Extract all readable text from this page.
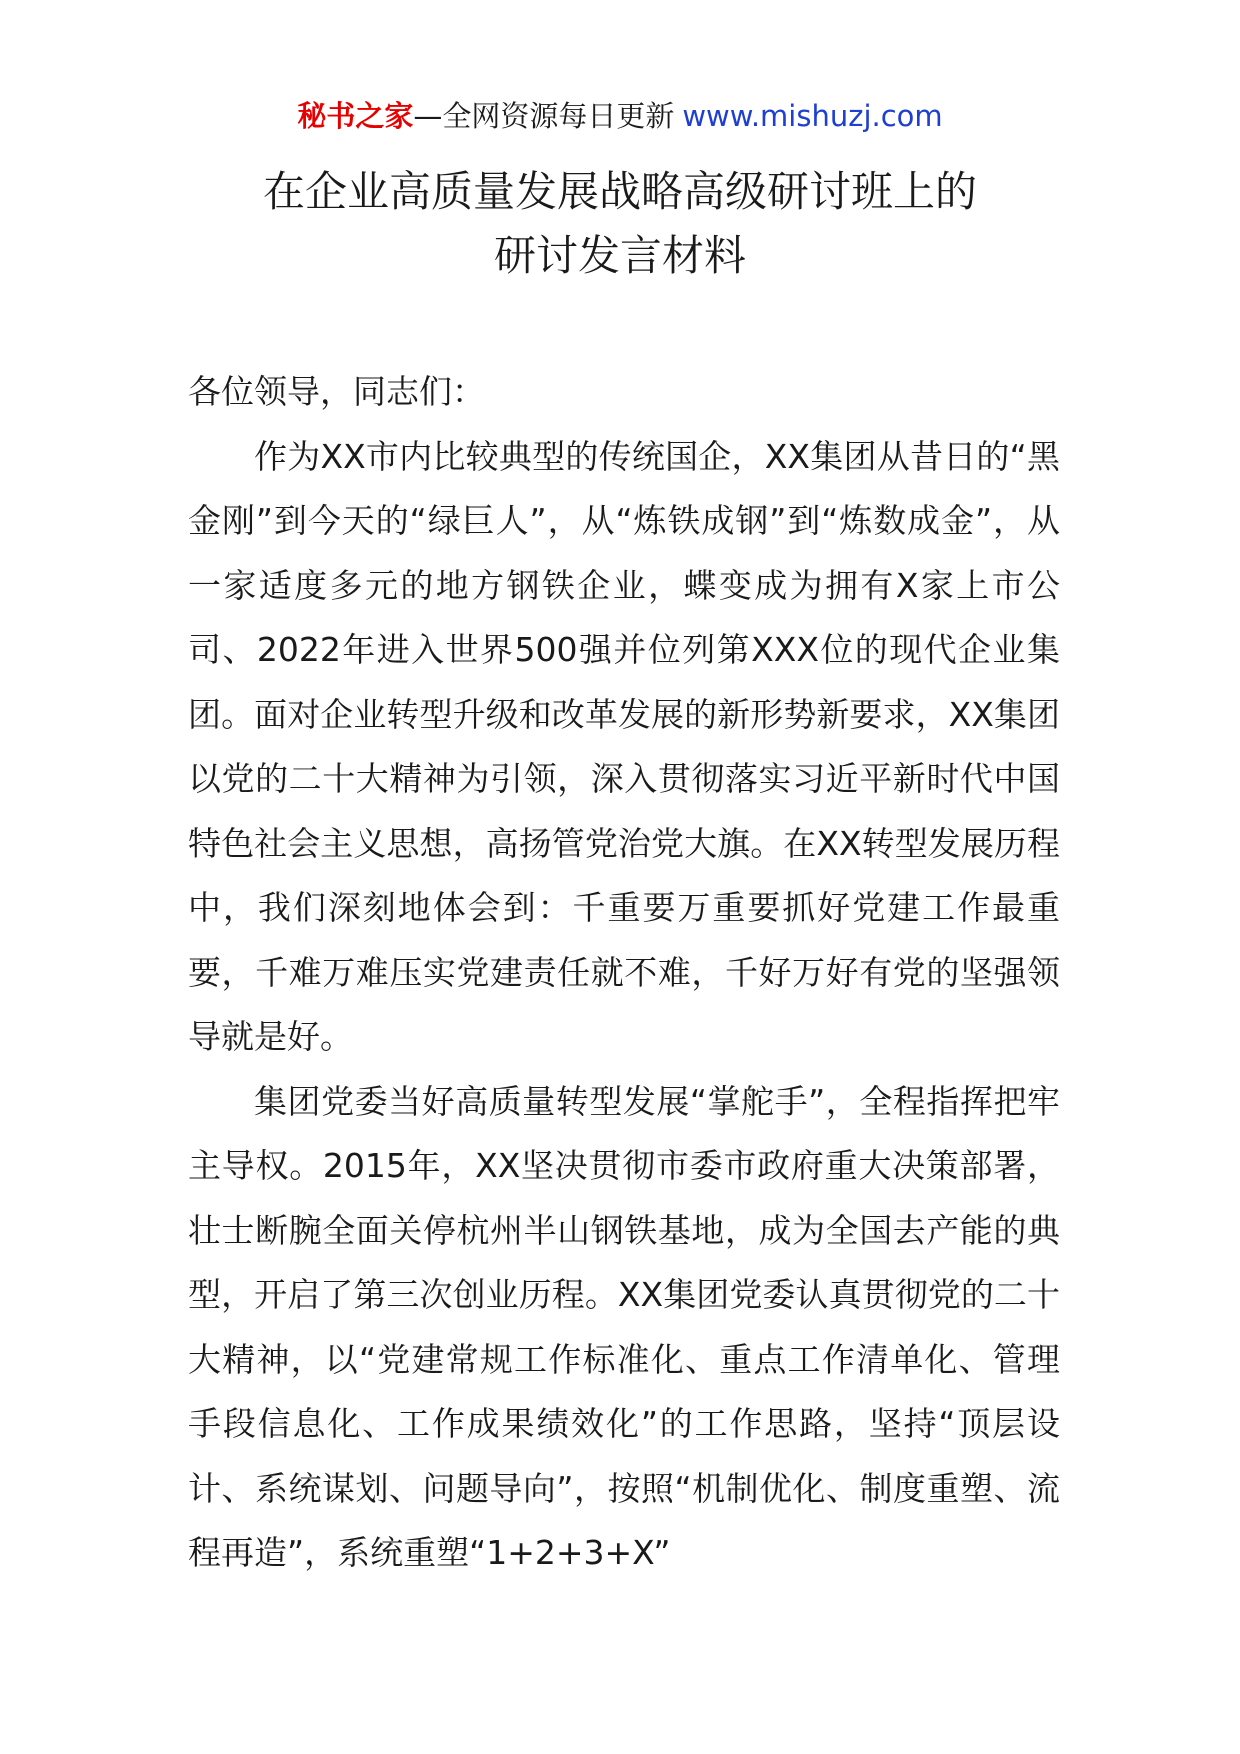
秘书之家—全网资源每日更新 www.mishuzj.com
在企业高质量发展战略高级研讨班上的
研讨发言材料

各位领导，同志们：

作为XX市内比较典型的传统国企，XX集团从昔日的“黑金刚”到今天的“绿巨人”，从“炼铁成钢”到“炼数成金”，从一家适度多元的地方钢铁企业，蝶变成为拥有X家上市公司、2022年进入世界500强并位列第XXX位的现代企业集团。面对企业转型升级和改革发展的新形势新要求，XX集团以党的二十大精神为引领，深入贯彻落实习近平新时代中国特色社会主义思想，高扬管党治党大旗。在XX转型发展历程中，我们深刻地体会到：千重要万重要抓好党建工作最重要，千难万难压实党建责任就不难，千好万好有党的坚强领导就是好。

集团党委当好高质量转型发展“掌舵手”，全程指挥把牢主导权。2015年，XX坚决贯彻市委市政府重大决策部署，壮士断腕全面关停杭州半山钢铁基地，成为全国去产能的典型，开启了第三次创业历程。XX集团党委认真贯彻党的二十大精神，以“党建常规工作标准化、重点工作清单化、管理手段信息化、工作成果绩效化”的工作思路，坚持“顶层设计、系统谋划、问题导向”，按照“机制优化、制度重塑、流程再造”，系统重塑“1+2+3+X”
